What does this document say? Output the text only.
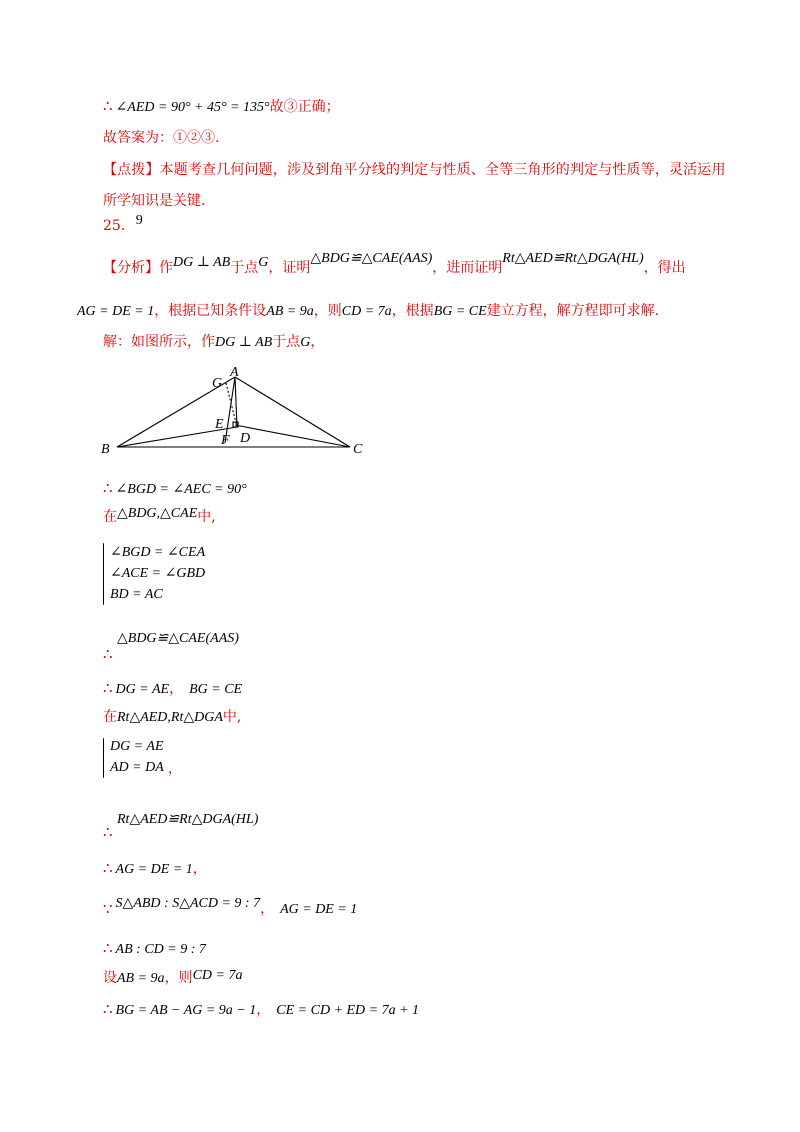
∴ ∠AED = 90° + 45° = 135°故③正确；
故答案为：①②③.
【点拨】本题考查几何问题，涉及到角平分线的判定与性质、全等三角形的判定与性质等，灵活运用
所学知识是关键.
25. 9
【分析】作DG ⊥ AB于点G，证明△BDG≌△CAE(AAS)，进而证明Rt△AED≌Rt△DGA(HL)，得出
AG = DE = 1，根据已知条件设AB = 9a，则CD = 7a，根据BG = CE建立方程，解方程即可求解.
解：如图所示，作DG ⊥ AB于点G，
A
G
E
F D
B	C
∴ ∠BGD = ∠AEC = 90°
在△BDG,△CAE中,
∠BGD = ∠CEA
∠ACE = ∠GBD
BD = AC
△BDG≌△CAE(AAS)
∴
∴ DG = AE， BG = CE
在Rt△AED,Rt△DGA中,
DG = AE
AD = DA ，
Rt△AED≌Rt△DGA(HL)
∴
∴ AG = DE = 1，
∵ S△ABD : S△ACD = 9 : 7， AG = DE = 1
∴ AB : CD = 9 : 7
设AB = 9a，则CD = 7a
∴ BG = AB − AG = 9a − 1， CE = CD + ED = 7a + 1
